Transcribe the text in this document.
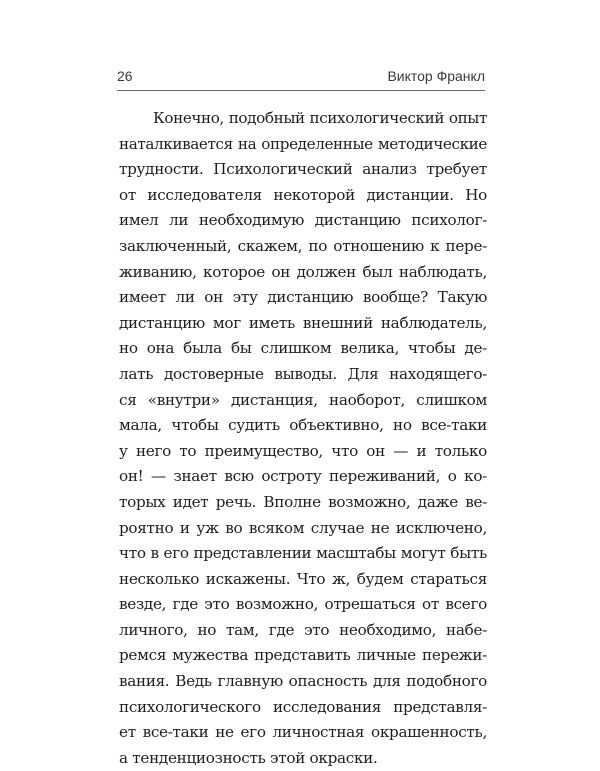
26	Виктор Франкл
Конечно, подобный психологический опыт
наталкивается на определенные методические
трудности. Психологический анализ требует
от исследователя некоторой дистанции. Но
имел ли необходимую дистанцию психолог-
заключенный, скажем, по отношению к пере-
живанию, которое он должен был наблюдать,
имеет ли он эту дистанцию вообще? Такую
дистанцию мог иметь внешний наблюдатель,
но она была бы слишком велика, чтобы де-
лать достоверные выводы. Для находящего-
ся «внутри» дистанция, наоборот, слишком
мала, чтобы судить объективно, но все-таки
у него то преимущество, что он — и только
он! — знает всю остроту переживаний, о ко-
торых идет речь. Вполне возможно, даже ве-
роятно и уж во всяком случае не исключено,
что в его представлении масштабы могут быть
несколько искажены. Что ж, будем стараться
везде, где это возможно, отрешаться от всего
личного, но там, где это необходимо, набе-
ремся мужества представить личные пережи-
вания. Ведь главную опасность для подобного
психологического исследования представля-
ет все-таки не его личностная окрашенность,
а тенденциозность этой окраски.
